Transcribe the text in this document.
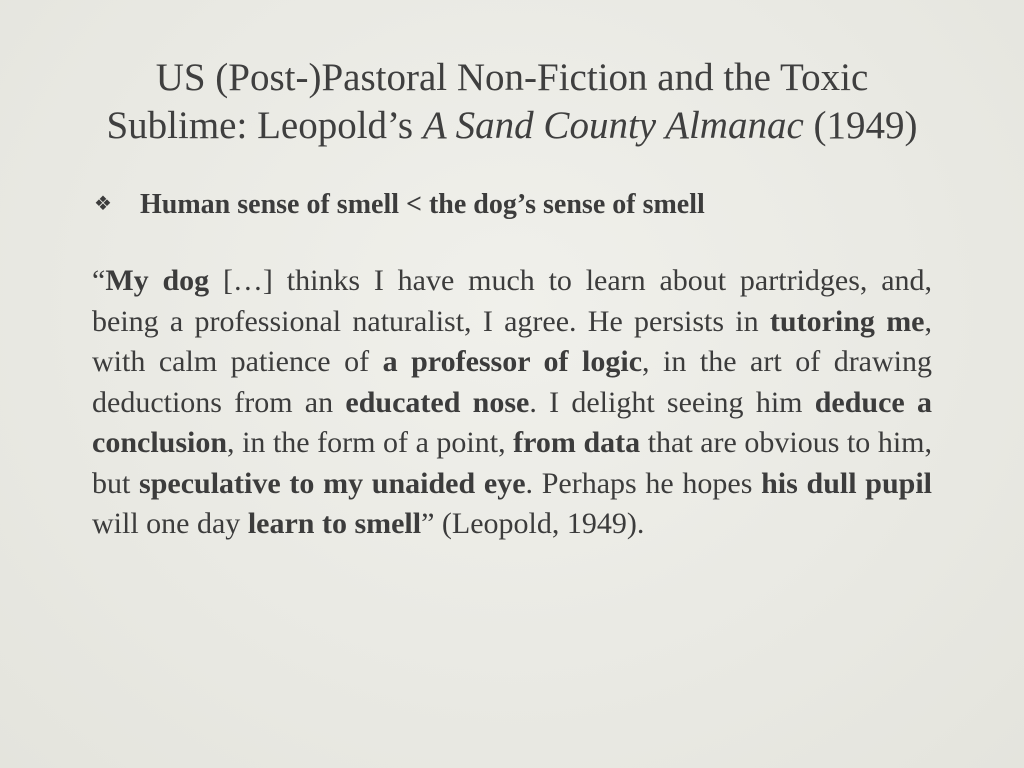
US (Post-)Pastoral Non-Fiction and the Toxic
Sublime: Leopold’s A Sand County Almanac (1949)
❖ Human sense of smell < the dog’s sense of smell
“My dog […] thinks I have much to learn about partridges, and, being a professional naturalist, I agree. He persists in tutoring me, with calm patience of a professor of logic, in the art of drawing deductions from an educated nose. I delight seeing him deduce a conclusion, in the form of a point, from data that are obvious to him, but speculative to my unaided eye. Perhaps he hopes his dull pupil will one day learn to smell” (Leopold, 1949).
